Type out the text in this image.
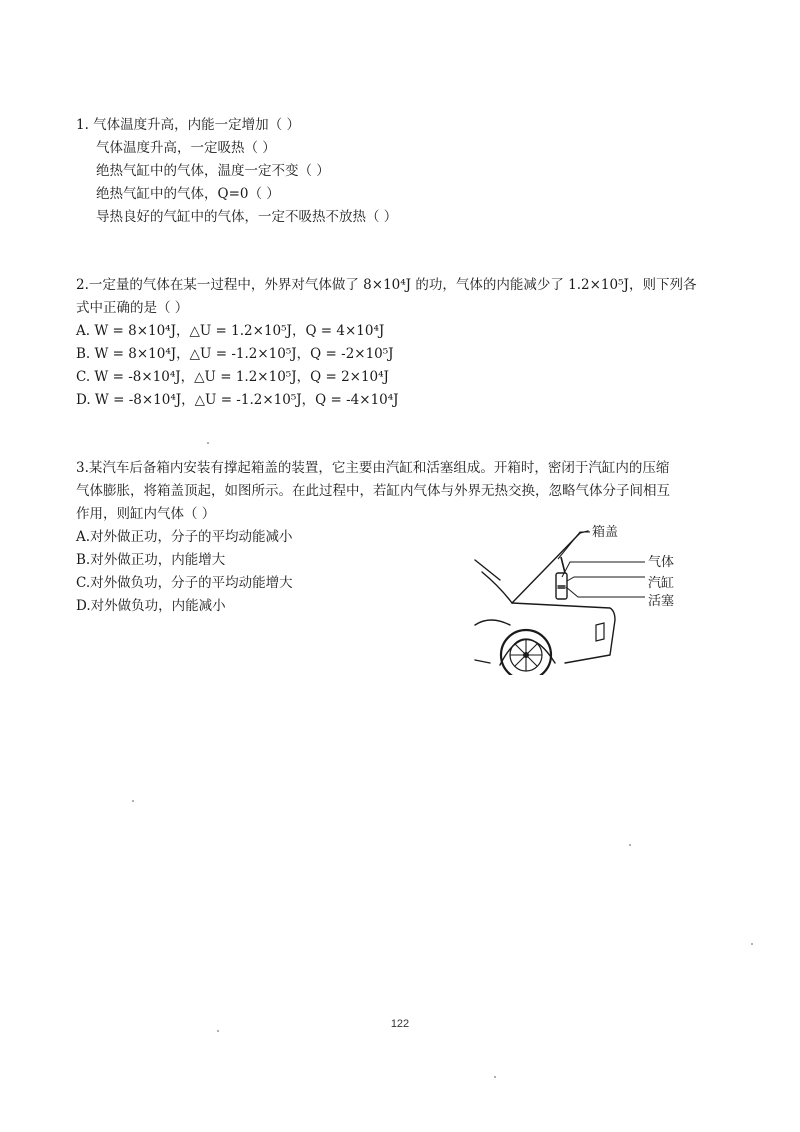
1. 气体温度升高，内能一定增加（ ）
气体温度升高，一定吸热（ ）
绝热气缸中的气体，温度一定不变（ ）
绝热气缸中的气体，Q=0（ ）
导热良好的气缸中的气体，一定不吸热不放热（ ）
2.一定量的气体在某一过程中，外界对气体做了 8×10⁴J 的功，气体的内能减少了 1.2×10⁵J，则下列各
式中正确的是（ ）
A. W = 8×10⁴J，△U = 1.2×10⁵J，Q = 4×10⁴J
B. W = 8×10⁴J，△U = -1.2×10⁵J，Q = -2×10⁵J
C. W = -8×10⁴J，△U = 1.2×10⁵J，Q = 2×10⁴J
D. W = -8×10⁴J，△U = -1.2×10⁵J，Q = -4×10⁴J
3.某汽车后备箱内安装有撑起箱盖的装置，它主要由汽缸和活塞组成。开箱时，密闭于汽缸内的压缩
气体膨胀，将箱盖顶起，如图所示。在此过程中，若缸内气体与外界无热交换，忽略气体分子间相互
作用，则缸内气体（ ）
A.对外做正功，分子的平均动能减小
B.对外做正功，内能增大
C.对外做负功，分子的平均动能增大
D.对外做负功，内能减小
箱盖
气体
汽缸
活塞
122
